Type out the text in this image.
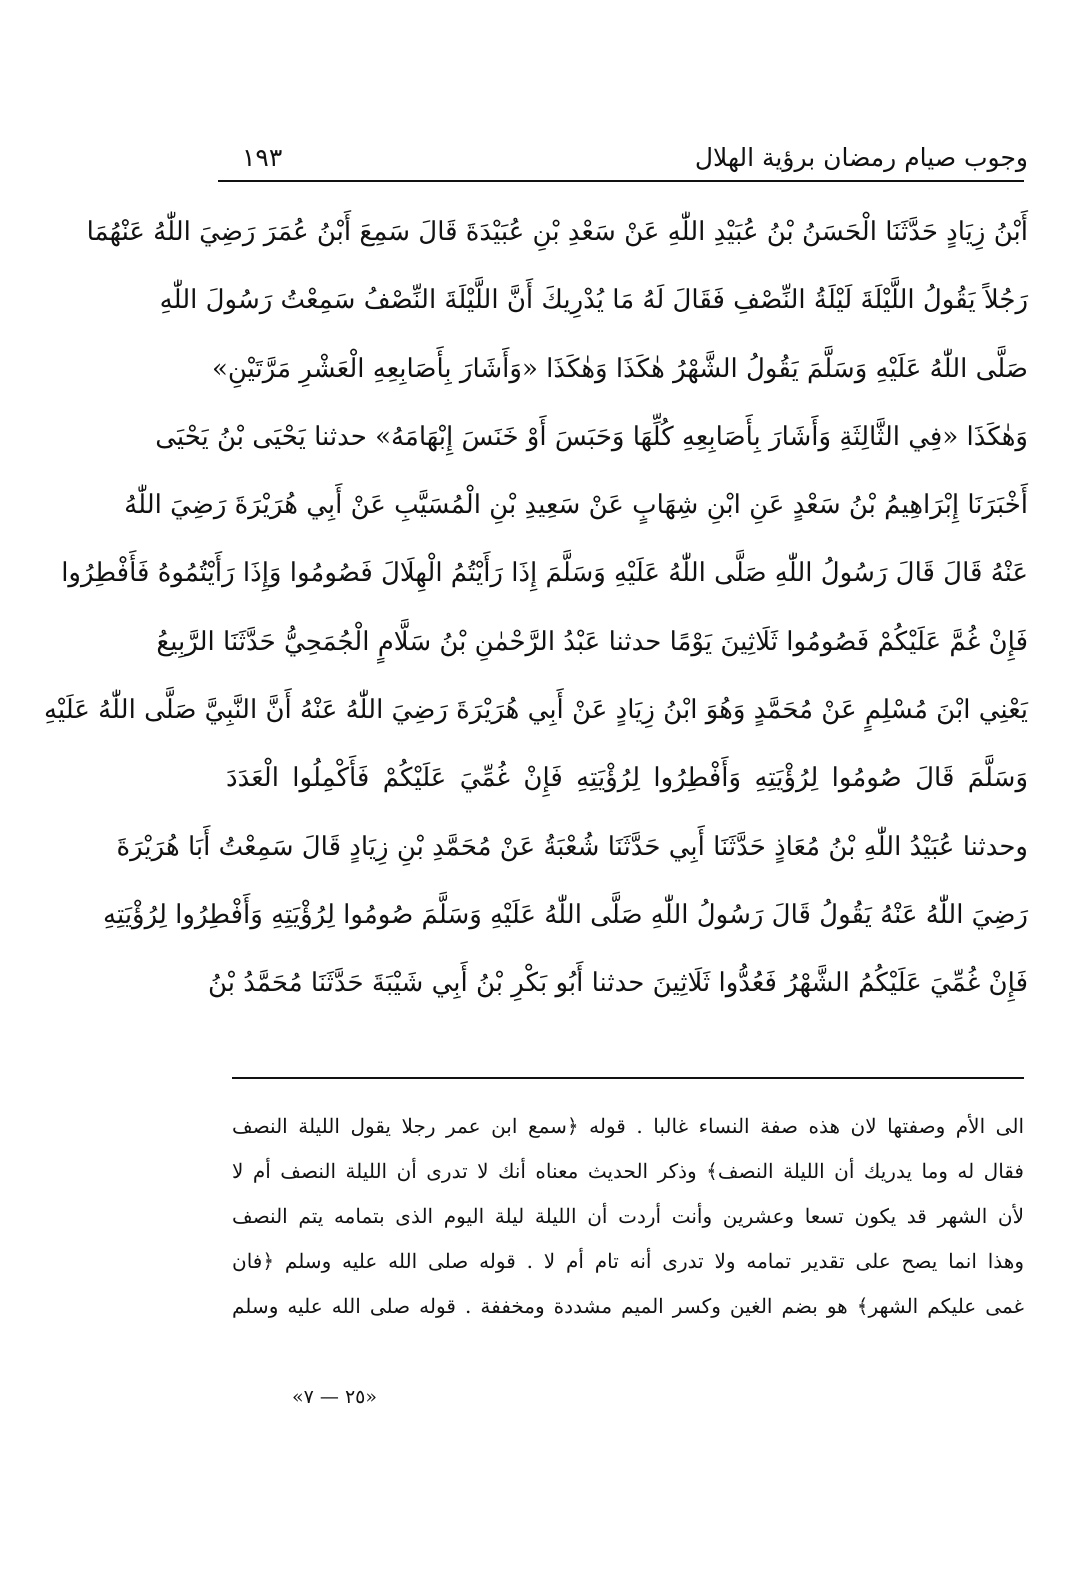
وجوب صيام رمضان برؤية الهلال
١٩٣
أَبْنُ زِيَادٍ حَدَّثَنَا الْحَسَنُ بْنُ عُبَيْدِ اللّٰهِ عَنْ سَعْدِ بْنِ عُبَيْدَةَ قَالَ سَمِعَ أَبْنُ عُمَرَ رَضِيَ اللّٰهُ عَنْهُمَا
رَجُلاً يَقُولُ اللَّيْلَةَ لَيْلَةُ النِّصْفِ فَقَالَ لَهُ مَا يُدْرِيكَ أَنَّ اللَّيْلَةَ النِّصْفُ سَمِعْتُ رَسُولَ اللّٰهِ
صَلَّى اللّٰهُ عَلَيْهِ وَسَلَّمَ يَقُولُ الشَّهْرُ هٰكَذَا وَهٰكَذَا «وَأَشَارَ بِأَصَابِعِهِ الْعَشْرِ مَرَّتَيْنِ»
وَهٰكَذَا «فِي الثَّالِثَةِ وَأَشَارَ بِأَصَابِعِهِ كُلِّهَا وَحَبَسَ أَوْ خَنَسَ إِبْهَامَهُ» حدثنا يَحْيَى بْنُ يَحْيَى
أَخْبَرَنَا إِبْرَاهِيمُ بْنُ سَعْدٍ عَنِ ابْنِ شِهَابٍ عَنْ سَعِيدِ بْنِ الْمُسَيَّبِ عَنْ أَبِي هُرَيْرَةَ رَضِيَ اللّٰهُ
عَنْهُ قَالَ قَالَ رَسُولُ اللّٰهِ صَلَّى اللّٰهُ عَلَيْهِ وَسَلَّمَ إِذَا رَأَيْتُمُ الْهِلَالَ فَصُومُوا وَإِذَا رَأَيْتُمُوهُ فَأَفْطِرُوا
فَإِنْ غُمَّ عَلَيْكُمْ فَصُومُوا ثَلَاثِينَ يَوْمًا حدثنا عَبْدُ الرَّحْمٰنِ بْنُ سَلَّامٍ الْجُمَحِيُّ حَدَّثَنَا الرَّبِيعُ
يَعْنِي ابْنَ مُسْلِمٍ عَنْ مُحَمَّدٍ وَهُوَ ابْنُ زِيَادٍ عَنْ أَبِي هُرَيْرَةَ رَضِيَ اللّٰهُ عَنْهُ أَنَّ النَّبِيَّ صَلَّى اللّٰهُ عَلَيْهِ
وَسَلَّمَ قَالَ صُومُوا لِرُؤْيَتِهِ وَأَفْطِرُوا لِرُؤْيَتِهِ فَإِنْ غُمِّيَ عَلَيْكُمْ فَأَكْمِلُوا الْعَدَدَ
وحدثنا عُبَيْدُ اللّٰهِ بْنُ مُعَاذٍ حَدَّثَنَا أَبِي حَدَّثَنَا شُعْبَةُ عَنْ مُحَمَّدِ بْنِ زِيَادٍ قَالَ سَمِعْتُ أَبَا هُرَيْرَةَ
رَضِيَ اللّٰهُ عَنْهُ يَقُولُ قَالَ رَسُولُ اللّٰهِ صَلَّى اللّٰهُ عَلَيْهِ وَسَلَّمَ صُومُوا لِرُؤْيَتِهِ وَأَفْطِرُوا لِرُؤْيَتِهِ
فَإِنْ غُمِّيَ عَلَيْكُمُ الشَّهْرُ فَعُدُّوا ثَلَاثِينَ حدثنا أَبُو بَكْرِ بْنُ أَبِي شَيْبَةَ حَدَّثَنَا مُحَمَّدُ بْنُ
الى الأم وصفتها لان هذه صفة النساء غالبا . قوله ﴿سمع ابن عمر رجلا يقول الليلة النصف
فقال له وما يدريك أن الليلة النصف﴾ وذكر الحديث معناه أنك لا تدرى أن الليلة النصف أم لا
لأن الشهر قد يكون تسعا وعشرين وأنت أردت أن الليلة ليلة اليوم الذى بتمامه يتم النصف
وهذا انما يصح على تقدير تمامه ولا تدرى أنه تام أم لا . قوله صلى الله عليه وسلم ﴿فان
غمى عليكم الشهر﴾ هو بضم الغين وكسر الميم مشددة ومخففة . قوله صلى الله عليه وسلم
«٢٥ — ٧»
